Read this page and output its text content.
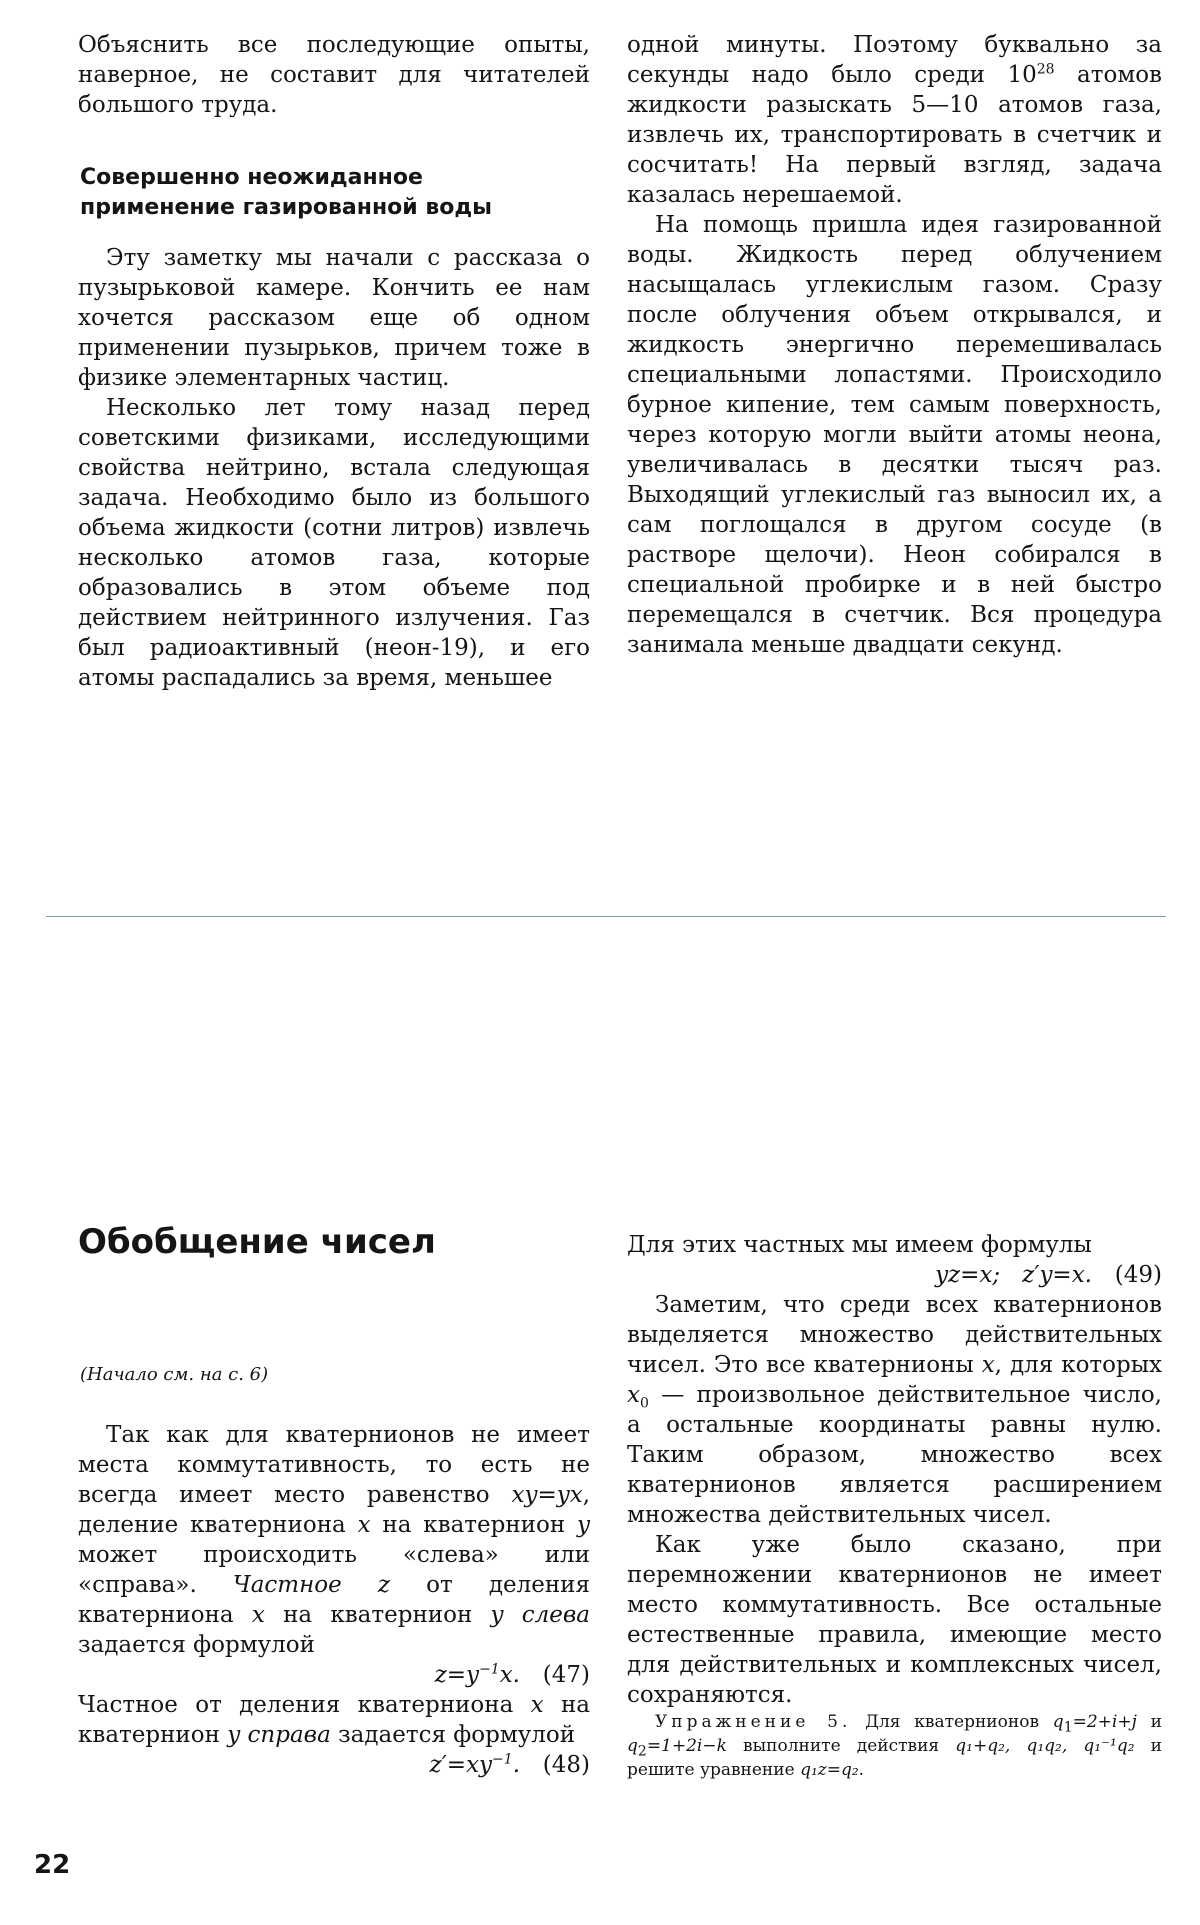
Объяснить все последующие опыты, наверное, не составит для читателей большого труда.

Совершенно неожиданное применение газированной воды

Эту заметку мы начали с рассказа о пузырьковой камере. Кончить ее нам хочется рассказом еще об одном применении пузырьков, причем тоже в физике элементарных частиц.

Несколько лет тому назад перед советскими физиками, исследующими свойства нейтрино, встала следующая задача. Необходимо было из большого объема жидкости (сотни литров) извлечь несколько атомов газа, которые образовались в этом объеме под действием нейтринного излучения. Газ был радиоактивный (неон-19), и его атомы распадались за время, меньшее

одной минуты. Поэтому буквально за секунды надо было среди $10^{28}$ атомов жидкости разыскать 5—10 атомов газа, извлечь их, транспортировать в счетчик и сосчитать! На первый взгляд, задача казалась нерешаемой.

На помощь пришла идея газированной воды. Жидкость перед облучением насыщалась углекислым газом. Сразу после облучения объем открывался, и жидкость энергично перемешивалась специальными лопастями. Происходило бурное кипение, тем самым поверхность, через которую могли выйти атомы неона, увеличивалась в десятки тысяч раз. Выходящий углекислый газ выносил их, а сам поглощался в другом сосуде (в растворе щелочи). Неон собирался в специальной пробирке и в ней быстро перемещался в счетчик. Вся процедура занимала меньше двадцати секунд.

Обобщение чисел
(Начало см. на с. 6)

Так как для кватернионов не имеет места коммутативность, то есть не всегда имеет место равенство xy=yx, деление кватерниона x на кватернион y может происходить «слева» или «справа». Частное z от деления кватерниона x на кватернион y слева задается формулой

$z=y^{-1}x$. (47)

Частное от деления кватерниона x на кватернион y справа задается формулой

$z'=xy^{-1}$. (48)

Для этих частных мы имеем формулы

yz=x;   z′y=x. (49)

Заметим, что среди всех кватернионов выделяется множество действительных чисел. Это все кватернионы x, для которых $x_0$ — произвольное действительное число, а остальные координаты равны нулю. Таким образом, множество всех кватернионов является расширением множества действительных чисел.

Как уже было сказано, при перемножении кватернионов не имеет место коммутативность. Все остальные естественные правила, имеющие место для действительных и комплексных чисел, сохраняются.

Упражнение 5. Для кватернионов $q_1=2+i+j$ и $q_2=1+2i-k$ выполните действия q₁+q₂, q₁q₂, q₁⁻¹q₂ и решите уравнение q₁z=q₂.

22
